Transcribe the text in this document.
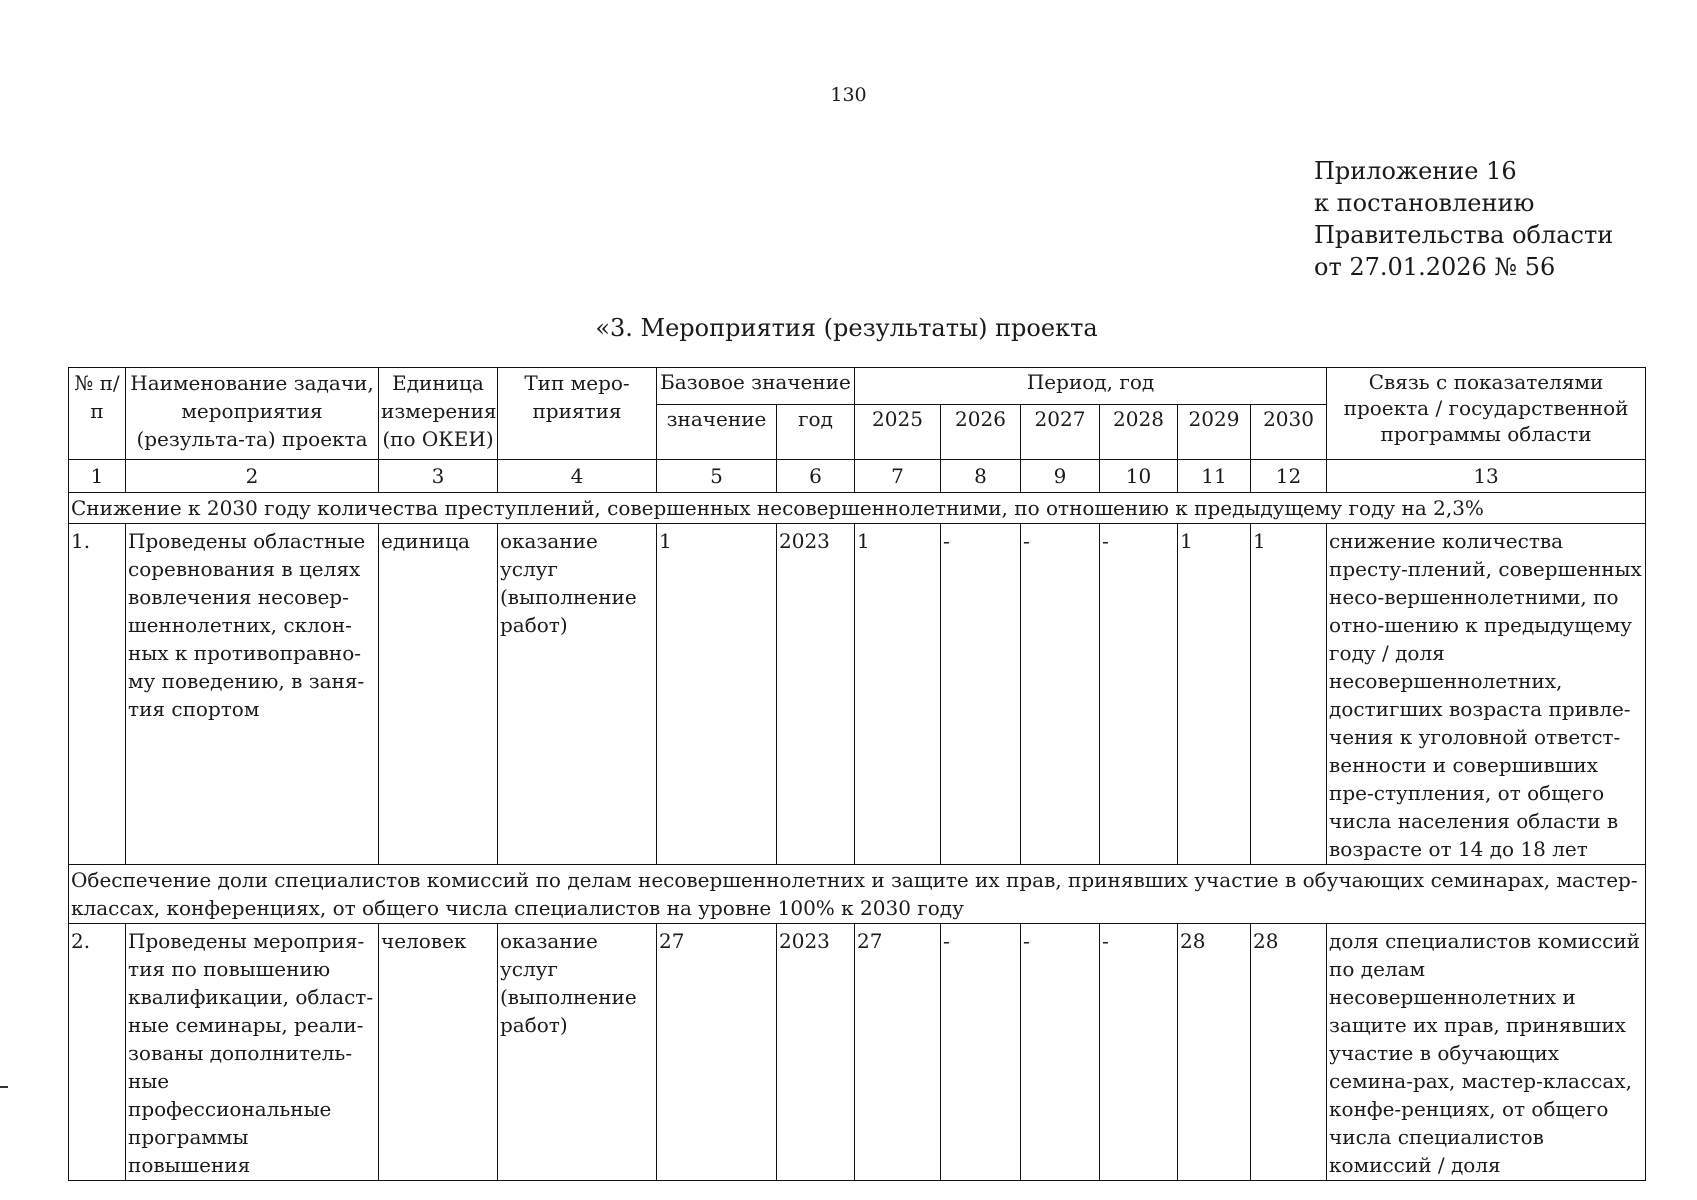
130
Приложение 16
к постановлению
Правительства области
от 27.01.2026 № 56
«3. Мероприятия (результаты) проекта
№ п/п	Наименование задачи, мероприятия (результа-та) проекта	Единица измерения (по ОКЕИ)	Тип меро-приятия	Базовое значение		Период, год						Связь с показателями проекта / государственной программы области
				значение	год	2025	2026	2027	2028	2029	2030	
1	2	3	4	5	6	7	8	9	10	11	12	13
Снижение к 2030 году количества преступлений, совершенных несовершеннолетними, по отношению к предыдущему году на 2,3%												
1.	Проведены областные соревнования в целях вовлечения несовер-шеннолетних, склон-ных к противоправно-му поведению, в заня-тия спортом	единица	оказание услуг (выполнение работ)	1	2023	1	-	-	-	1	1	снижение количества престу-плений, совершенных несо-вершеннолетними, по отно-шению к предыдущему году / доля несовершеннолетних, достигших возраста привле-чения к уголовной ответст-венности и совершивших пре-ступления, от общего числа населения области в возрасте от 14 до 18 лет
Обеспечение доли специалистов комиссий по делам несовершеннолетних и защите их прав, принявших участие в обучающих семинарах, мастер-классах, конференциях, от общего числа специалистов на уровне 100% к 2030 году												
2.	Проведены мероприя-тия по повышению квалификации, област-ные семинары, реали-зованы дополнитель-ные профессиональные программы повышения	человек	оказание услуг (выполнение работ)	27	2023	27	-	-	-	28	28	доля специалистов комиссий по делам несовершеннолетних и защите их прав, принявших участие в обучающих семина-рах, мастер-классах, конфе-ренциях, от общего числа специалистов комиссий / доля
